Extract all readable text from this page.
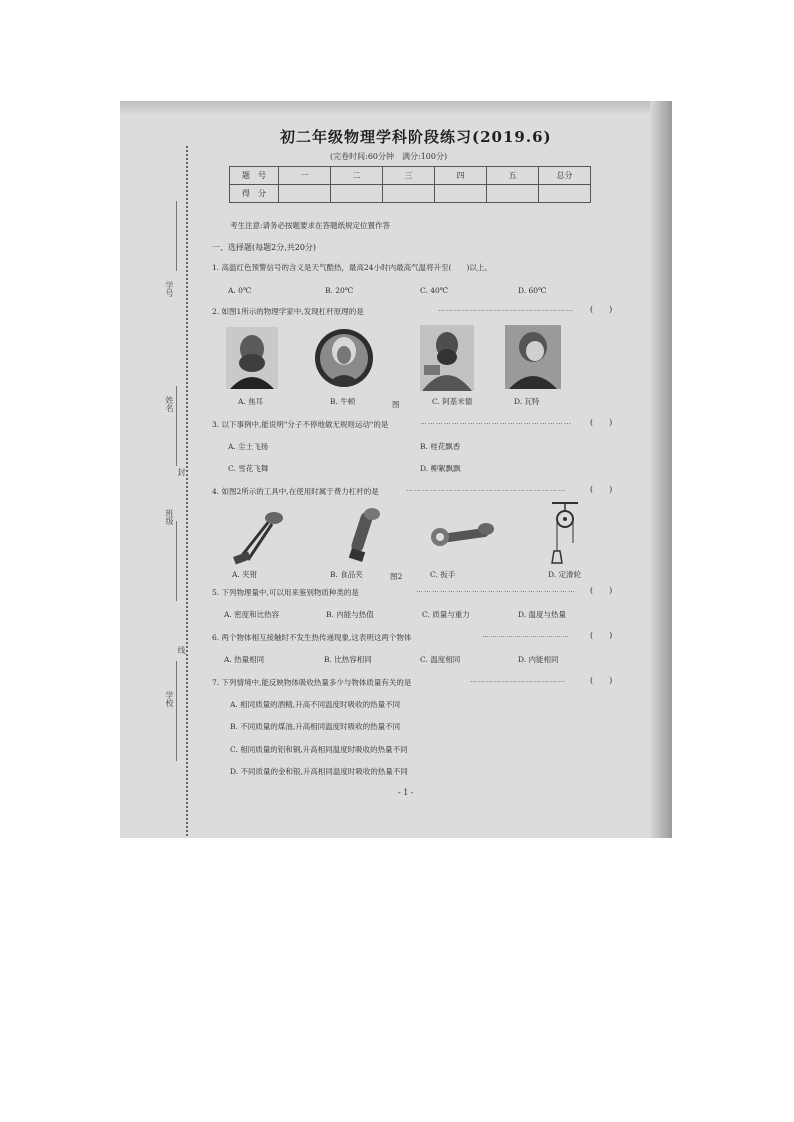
学号
姓名
封
班级
线
学校
初二年级物理学科阶段练习(2019.6)
(完卷时间:60分钟　满分:100分)
题　号	一	二	三	四	五	总分
得　分						
考生注意:请务必按题要求在答题纸规定位置作答
一、选择题(每题2分,共20分)
1. 高温红色预警信号的含义是天气酷热，最高24小时内最高气温将升至(　　)以上。
A. 0℃	B. 20℃	C. 40℃	D. 60℃
2. 如图1所示的物理学家中,发现杠杆原理的是	…………………………………………… (　　)
A. 焦耳	B. 牛顿	图	C. 阿基米德	D. 瓦特
3. 以下事例中,能说明"分子不停地做无规则运动"的是	………………………………………………… (　　)
A. 尘土飞扬	B. 桂花飘香
C. 雪花飞舞	D. 柳絮飘飘
4. 如图2所示的工具中,在使用时属于费力杠杆的是	……………………………………………………	(　　)
A. 夹钳	B. 食品夹	图2	C. 扳手	D. 定滑轮
5. 下列物理量中,可以用来鉴别物质种类的是	…………………………………………………… (　　)
A. 密度和比热容	B. 内能与热值	C. 质量与重力	D. 温度与热量
6. 两个物体相互接触时不发生热传递现象,这表明这两个物体	……………………………	(　　)
A. 热量相同	B. 比热容相同	C. 温度相同	D. 内能相同
7. 下列情境中,能反映物体吸收热量多少与物体质量有关的是	………………………………	(　　)
A. 相同质量的酒精,升高不同温度时吸收的热量不同
B. 不同质量的煤油,升高相同温度时吸收的热量不同
C. 相同质量的铝和铜,升高相同温度时吸收的热量不同
D. 不同质量的金和银,升高相同温度时吸收的热量不同
- 1 -
